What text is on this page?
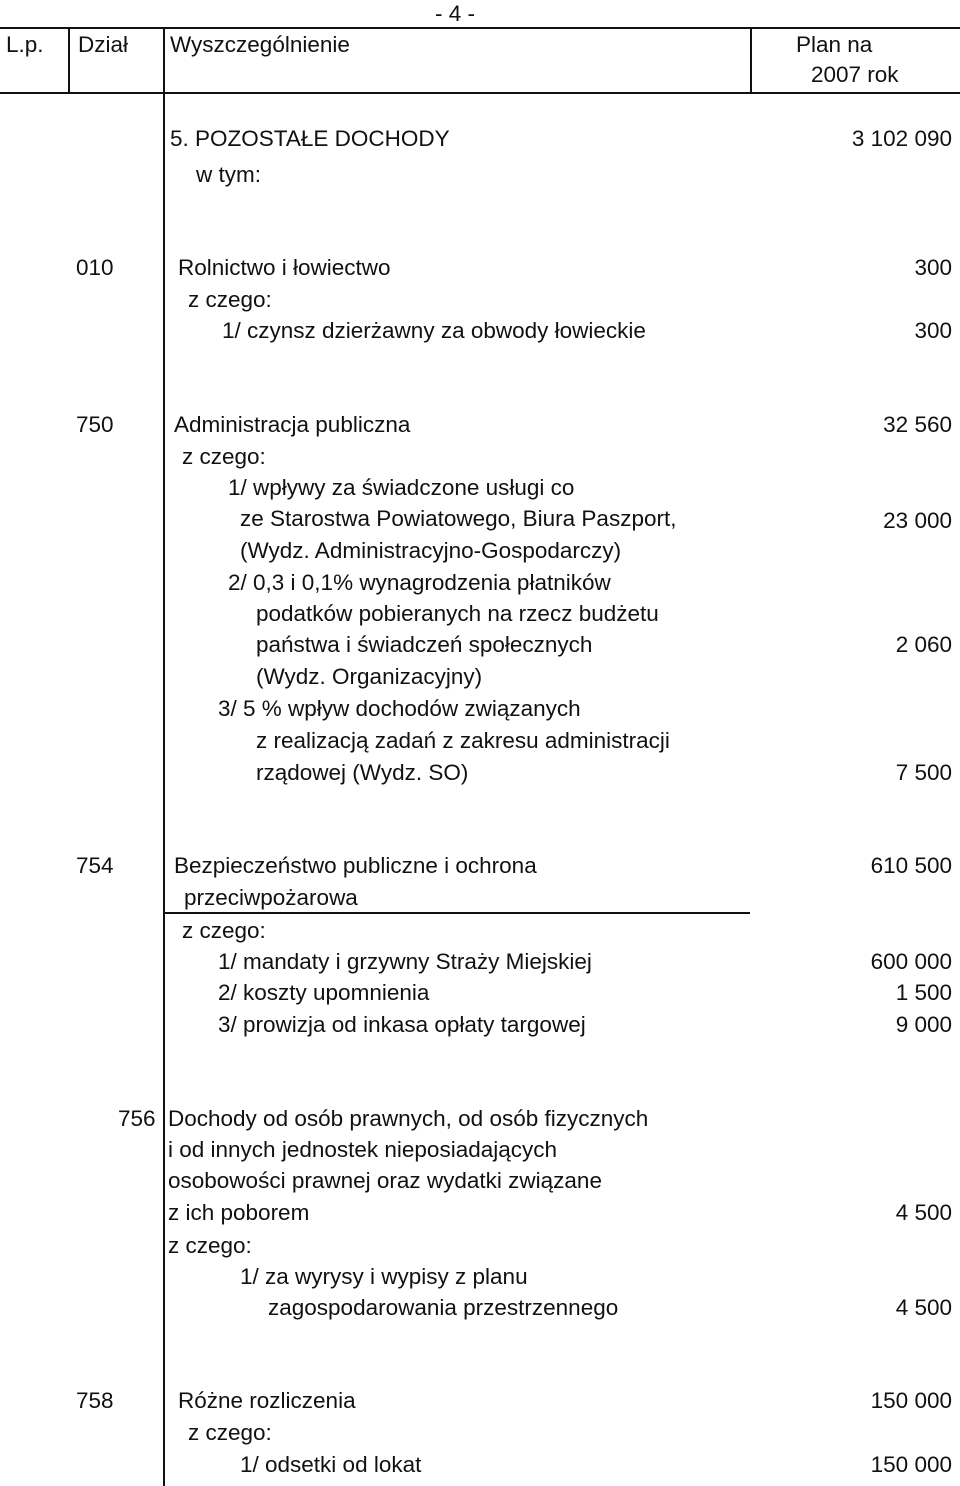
- 4 -
L.p. Dział Wyszczególnienie	Plan na
2007 rok
5. POZOSTAŁE DOCHODY	3 102 090
w tym:
010	Rolnictwo i łowiectwo	300
z czego:
1/ czynsz dzierżawny za obwody łowieckie	300
750	Administracja publiczna	32 560
z czego:
1/ wpływy za świadczone usługi co
ze Starostwa Powiatowego, Biura Paszport,	23 000
(Wydz. Administracyjno-Gospodarczy)
2/ 0,3 i 0,1% wynagrodzenia płatników
podatków pobieranych na rzecz budżetu
państwa i świadczeń społecznych	2 060
(Wydz. Organizacyjny)
3/ 5 % wpływ dochodów związanych
z realizacją zadań z zakresu administracji
rządowej (Wydz. SO)	7 500
754	Bezpieczeństwo publiczne i ochrona	610 500
przeciwpożarowa
z czego:
1/ mandaty i grzywny Straży Miejskiej	600 000
2/ koszty upomnienia	1 500
3/ prowizja od inkasa opłaty targowej	9 000
756 Dochody od osób prawnych, od osób fizycznych
i od innych jednostek nieposiadających
osobowości prawnej oraz wydatki związane
z ich poborem	4 500
z czego:
1/ za wyrysy i wypisy z planu
zagospodarowania przestrzennego	4 500
758	Różne rozliczenia	150 000
z czego:
1/ odsetki od lokat	150 000
